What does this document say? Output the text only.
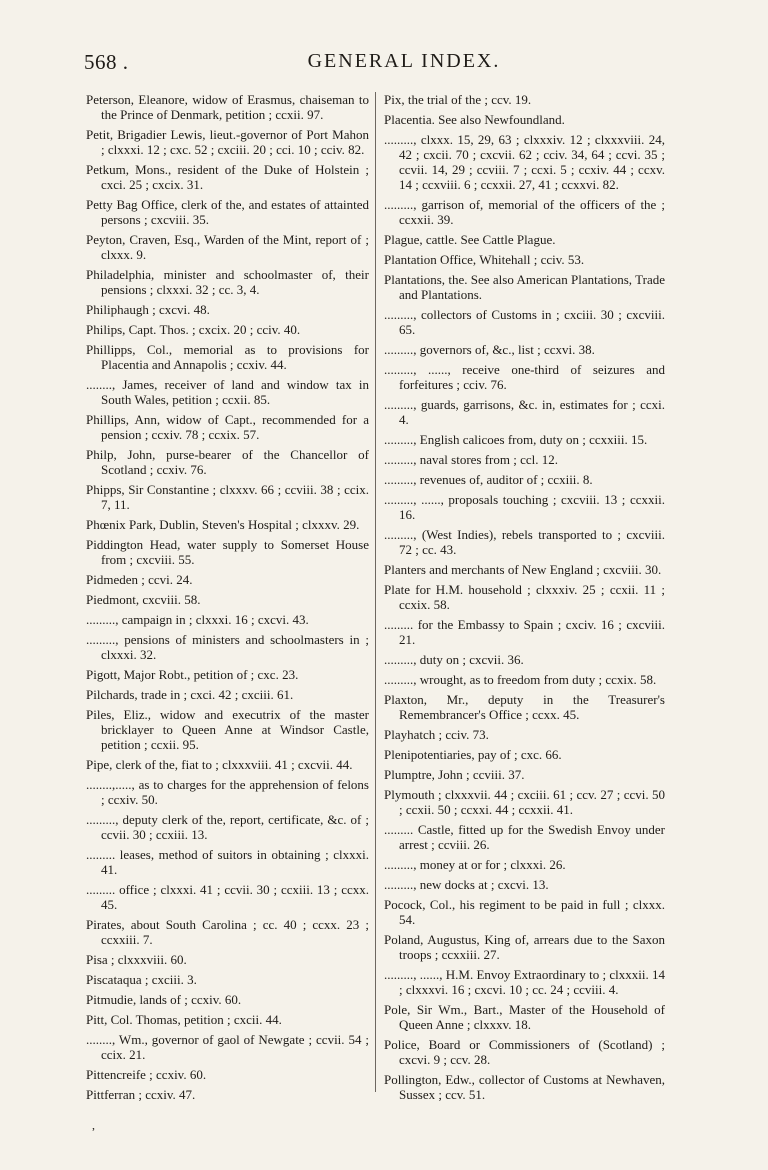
568 .	GENERAL INDEX.
Peterson, Eleanore, widow of Erasmus, chaiseman to the Prince of Denmark, petition ; ccxii. 97.
Petit, Brigadier Lewis, lieut.-governor of Port Mahon ; clxxxi. 12 ; cxc. 52 ; cxciii. 20 ; cci. 10 ; cciv. 82.
Petkum, Mons., resident of the Duke of Holstein ; cxci. 25 ; cxcix. 31.
Petty Bag Office, clerk of the, and estates of attainted persons ; cxcviii. 35.
Peyton, Craven, Esq., Warden of the Mint, report of ; clxxx. 9.
Philadelphia, minister and schoolmaster of, their pensions ; clxxxi. 32 ; cc. 3, 4.
Philiphaugh ; cxcvi. 48.
Philips, Capt. Thos. ; cxcix. 20 ; cciv. 40.
Phillipps, Col., memorial as to provisions for Placentia and Annapolis ; ccxiv. 44.
........, James, receiver of land and window tax in South Wales, petition ; ccxii. 85.
Phillips, Ann, widow of Capt., recommended for a pension ; ccxiv. 78 ; ccxix. 57.
Philp, John, purse-bearer of the Chancellor of Scotland ; ccxiv. 76.
Phipps, Sir Constantine ; clxxxv. 66 ; ccviii. 38 ; ccix. 7, 11.
Phœnix Park, Dublin, Steven's Hospital ; clxxxv. 29.
Piddington Head, water supply to Somerset House from ; cxcviii. 55.
Pidmeden ; ccvi. 24.
Piedmont, cxcviii. 58.
........., campaign in ; clxxxi. 16 ; cxcvi. 43.
........., pensions of ministers and schoolmasters in ; clxxxi. 32.
Pigott, Major Robt., petition of ; cxc. 23.
Pilchards, trade in ; cxci. 42 ; cxciii. 61.
Piles, Eliz., widow and executrix of the master bricklayer to Queen Anne at Windsor Castle, petition ; ccxii. 95.
Pipe, clerk of the, fiat to ; clxxxviii. 41 ; cxcvii. 44.
........,....., as to charges for the apprehension of felons ; ccxiv. 50.
........., deputy clerk of the, report, certificate, &c. of ; ccvii. 30 ; ccxiii. 13.
......... leases, method of suitors in obtaining ; clxxxi. 41.
......... office ; clxxxi. 41 ; ccvii. 30 ; ccxiii. 13 ; ccxx. 45.
Pirates, about South Carolina ; cc. 40 ; ccxx. 23 ; ccxxiii. 7.
Pisa ; clxxxviii. 60.
Piscataqua ; cxciii. 3.
Pitmudie, lands of ; ccxiv. 60.
Pitt, Col. Thomas, petition ; cxcii. 44.
........, Wm., governor of gaol of Newgate ; ccvii. 54 ; ccix. 21.
Pittencreife ; ccxiv. 60.
Pittferran ; ccxiv. 47.
Pix, the trial of the ; ccv. 19.
Placentia. See also Newfoundland.
........., clxxx. 15, 29, 63 ; clxxxiv. 12 ; clxxxviii. 24, 42 ; cxcii. 70 ; cxcvii. 62 ; cciv. 34, 64 ; ccvi. 35 ; ccvii. 14, 29 ; ccviii. 7 ; ccxi. 5 ; ccxiv. 44 ; ccxv. 14 ; ccxviii. 6 ; ccxxii. 27, 41 ; ccxxvi. 82.
........., garrison of, memorial of the officers of the ; ccxxii. 39.
Plague, cattle. See Cattle Plague.
Plantation Office, Whitehall ; cciv. 53.
Plantations, the. See also American Plantations, Trade and Plantations.
........., collectors of Customs in ; cxciii. 30 ; cxcviii. 65.
........., governors of, &c., list ; ccxvi. 38.
........., ......, receive one-third of seizures and forfeitures ; cciv. 76.
........., guards, garrisons, &c. in, estimates for ; ccxi. 4.
........., English calicoes from, duty on ; ccxxiii. 15.
........., naval stores from ; ccl. 12.
........., revenues of, auditor of ; ccxiii. 8.
........., ......, proposals touching ; cxcviii. 13 ; ccxxii. 16.
........., (West Indies), rebels transported to ; cxcviii. 72 ; cc. 43.
Planters and merchants of New England ; cxcviii. 30.
Plate for H.M. household ; clxxxiv. 25 ; ccxii. 11 ; ccxix. 58.
......... for the Embassy to Spain ; cxciv. 16 ; cxcviii. 21.
........., duty on ; cxcvii. 36.
........., wrought, as to freedom from duty ; ccxix. 58.
Plaxton, Mr., deputy in the Treasurer's Remembrancer's Office ; ccxx. 45.
Playhatch ; cciv. 73.
Plenipotentiaries, pay of ; cxc. 66.
Plumptre, John ; ccviii. 37.
Plymouth ; clxxxvii. 44 ; cxciii. 61 ; ccv. 27 ; ccvi. 50 ; ccxii. 50 ; ccxxi. 44 ; ccxxii. 41.
......... Castle, fitted up for the Swedish Envoy under arrest ; ccviii. 26.
........., money at or for ; clxxxi. 26.
........., new docks at ; cxcvi. 13.
Pocock, Col., his regiment to be paid in full ; clxxx. 54.
Poland, Augustus, King of, arrears due to the Saxon troops ; ccxxiii. 27.
........., ......, H.M. Envoy Extraordinary to ; clxxxii. 14 ; clxxxvi. 16 ; cxcvi. 10 ; cc. 24 ; ccviii. 4.
Pole, Sir Wm., Bart., Master of the Household of Queen Anne ; clxxxv. 18.
Police, Board or Commissioners of (Scotland) ; cxcvi. 9 ; ccv. 28.
Pollington, Edw., collector of Customs at Newhaven, Sussex ; ccv. 51.
,
